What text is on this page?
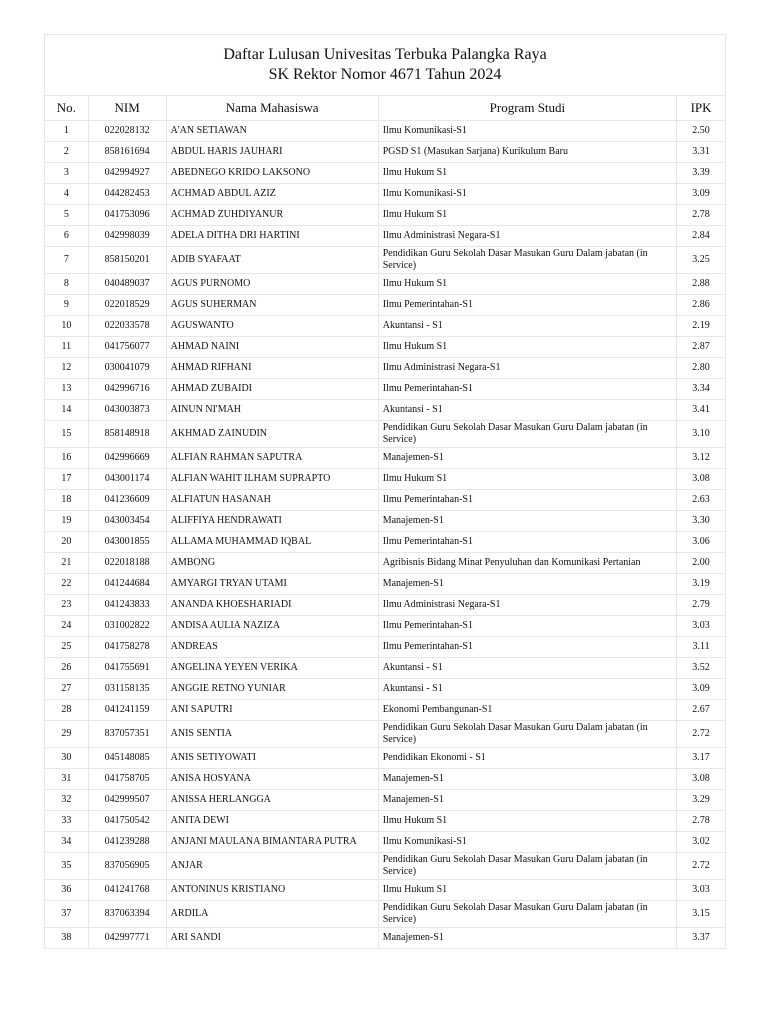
Daftar Lulusan Univesitas Terbuka Palangka Raya
SK Rektor Nomor 4671 Tahun 2024
No.	NIM	Nama Mahasiswa	Program Studi	IPK
1	022028132	A'AN SETIAWAN	Ilmu Komunikasi-S1	2.50
2	858161694	ABDUL HARIS JAUHARI	PGSD S1 (Masukan Sarjana) Kurikulum Baru	3.31
3	042994927	ABEDNEGO KRIDO LAKSONO	Ilmu Hukum S1	3.39
4	044282453	ACHMAD ABDUL AZIZ	Ilmu Komunikasi-S1	3.09
5	041753096	ACHMAD ZUHDIYANUR	Ilmu Hukum S1	2.78
6	042998039	ADELA DITHA DRI HARTINI	Ilmu Administrasi Negara-S1	2.84
7	858150201	ADIB SYAFAAT	Pendidikan Guru Sekolah Dasar Masukan Guru Dalam jabatan (in Service)	3.25
8	040489037	AGUS PURNOMO	Ilmu Hukum S1	2.88
9	022018529	AGUS SUHERMAN	Ilmu Pemerintahan-S1	2.86
10	022033578	AGUSWANTO	Akuntansi - S1	2.19
11	041756077	AHMAD NAINI	Ilmu Hukum S1	2.87
12	030041079	AHMAD RIFHANI	Ilmu Administrasi Negara-S1	2.80
13	042996716	AHMAD ZUBAIDI	Ilmu Pemerintahan-S1	3.34
14	043003873	AINUN NI'MAH	Akuntansi - S1	3.41
15	858148918	AKHMAD ZAINUDIN	Pendidikan Guru Sekolah Dasar Masukan Guru Dalam jabatan (in Service)	3.10
16	042996669	ALFIAN RAHMAN SAPUTRA	Manajemen-S1	3.12
17	043001174	ALFIAN WAHIT ILHAM SUPRAPTO	Ilmu Hukum S1	3.08
18	041236609	ALFIATUN HASANAH	Ilmu Pemerintahan-S1	2.63
19	043003454	ALIFFIYA HENDRAWATI	Manajemen-S1	3.30
20	043001855	ALLAMA MUHAMMAD IQBAL	Ilmu Pemerintahan-S1	3.06
21	022018188	AMBONG	Agribisnis Bidang Minat Penyuluhan dan Komunikasi Pertanian	2.00
22	041244684	AMYARGI TRYAN UTAMI	Manajemen-S1	3.19
23	041243833	ANANDA KHOESHARIADI	Ilmu Administrasi Negara-S1	2.79
24	031002822	ANDISA AULIA NAZIZA	Ilmu Pemerintahan-S1	3.03
25	041758278	ANDREAS	Ilmu Pemerintahan-S1	3.11
26	041755691	ANGELINA YEYEN VERIKA	Akuntansi - S1	3.52
27	031158135	ANGGIE RETNO YUNIAR	Akuntansi - S1	3.09
28	041241159	ANI SAPUTRI	Ekonomi Pembangunan-S1	2.67
29	837057351	ANIS SENTIA	Pendidikan Guru Sekolah Dasar Masukan Guru Dalam jabatan (in Service)	2.72
30	045148085	ANIS SETIYOWATI	Pendidikan Ekonomi - S1	3.17
31	041758705	ANISA HOSYANA	Manajemen-S1	3.08
32	042999507	ANISSA HERLANGGA	Manajemen-S1	3.29
33	041750542	ANITA DEWI	Ilmu Hukum S1	2.78
34	041239288	ANJANI MAULANA BIMANTARA PUTRA	Ilmu Komunikasi-S1	3.02
35	837056905	ANJAR	Pendidikan Guru Sekolah Dasar Masukan Guru Dalam jabatan (in Service)	2.72
36	041241768	ANTONINUS KRISTIANO	Ilmu Hukum S1	3.03
37	837063394	ARDILA	Pendidikan Guru Sekolah Dasar Masukan Guru Dalam jabatan (in Service)	3.15
38	042997771	ARI SANDI	Manajemen-S1	3.37
